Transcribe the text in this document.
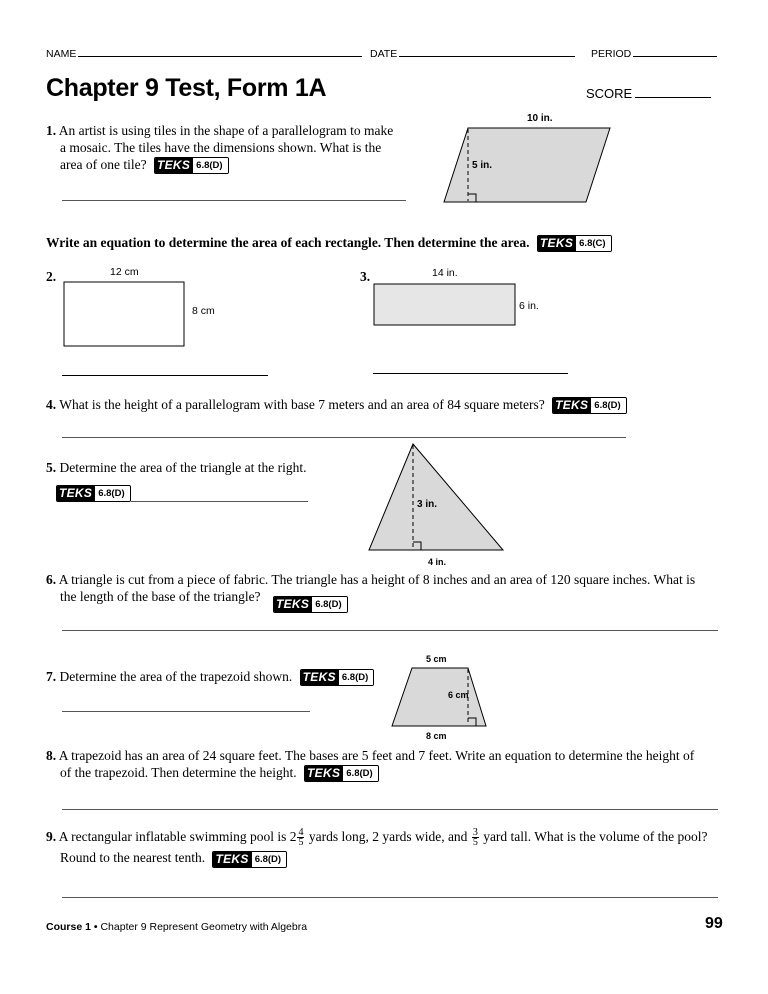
NAME	DATE	PERIOD
Chapter 9 Test, Form 1A	SCORE
1. An artist is using tiles in the shape of a parallelogram to make
a mosaic. The tiles have the dimensions shown. What is the
area of one tile? TEKS 6.8(D)
10 in.
5 in.
Write an equation to determine the area of each rectangle. Then determine the area. TEKS 6.8(C)
2.	12 cm
8 cm
3.	14 in.
6 in.
4. What is the height of a parallelogram with base 7 meters and an area of 84 square meters? TEKS 6.8(D)
5. Determine the area of the triangle at the right.
TEKS 6.8(D)
3 in.
4 in.
6. A triangle is cut from a piece of fabric. The triangle has a height of 8 inches and an area of 120 square inches. What is
the length of the base of the triangle?	TEKS 6.8(D)
7. Determine the area of the trapezoid shown. TEKS 6.8(D)
5 cm
6 cm
8 cm
8. A trapezoid has an area of 24 square feet. The bases are 5 feet and 7 feet. Write an equation to determine the height of
of the trapezoid. Then determine the height. TEKS 6.8(D)
9. A rectangular inflatable swimming pool is $2 \frac{4}{5}$ yards long, 2 yards wide, and $\frac{3}{5}$ yard tall. What is the volume of the pool?
Round to the nearest tenth. TEKS 6.8(D)
Course 1 • Chapter 9 Represent Geometry with Algebra	99
